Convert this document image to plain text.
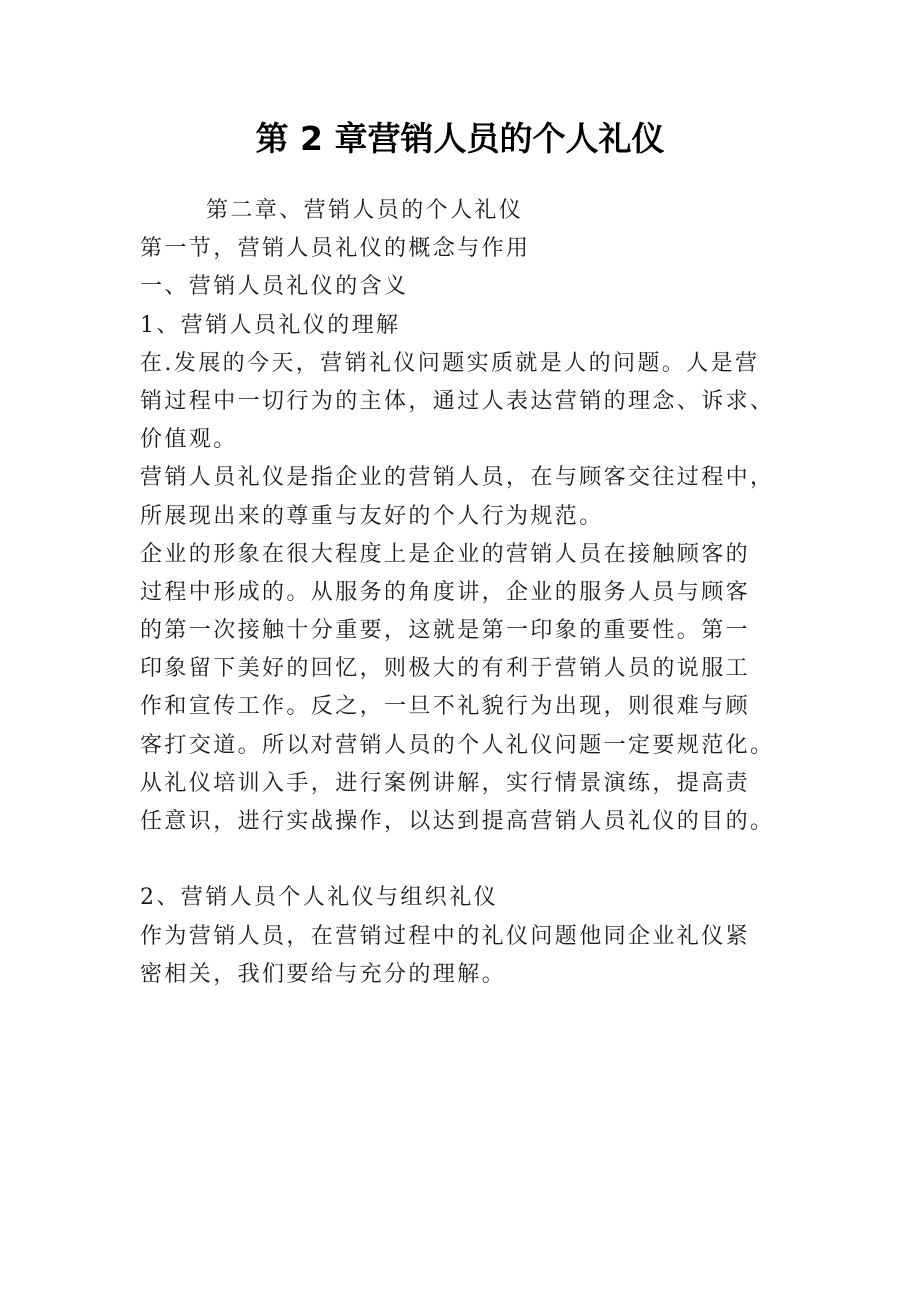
第 2 章营销人员的个人礼仪
第二章、营销人员的个人礼仪
第一节，营销人员礼仪的概念与作用
一、营销人员礼仪的含义
1、营销人员礼仪的理解
在.发展的今天，营销礼仪问题实质就是人的问题。人是营
销过程中一切行为的主体，通过人表达营销的理念、诉求、
价值观。
营销人员礼仪是指企业的营销人员，在与顾客交往过程中，
所展现出来的尊重与友好的个人行为规范。
企业的形象在很大程度上是企业的营销人员在接触顾客的
过程中形成的。从服务的角度讲，企业的服务人员与顾客
的第一次接触十分重要，这就是第一印象的重要性。第一
印象留下美好的回忆，则极大的有利于营销人员的说服工
作和宣传工作。反之，一旦不礼貌行为出现，则很难与顾
客打交道。所以对营销人员的个人礼仪问题一定要规范化。
从礼仪培训入手，进行案例讲解，实行情景演练，提高责
任意识，进行实战操作，以达到提高营销人员礼仪的目的。
2、营销人员个人礼仪与组织礼仪
作为营销人员，在营销过程中的礼仪问题他同企业礼仪紧
密相关，我们要给与充分的理解。
